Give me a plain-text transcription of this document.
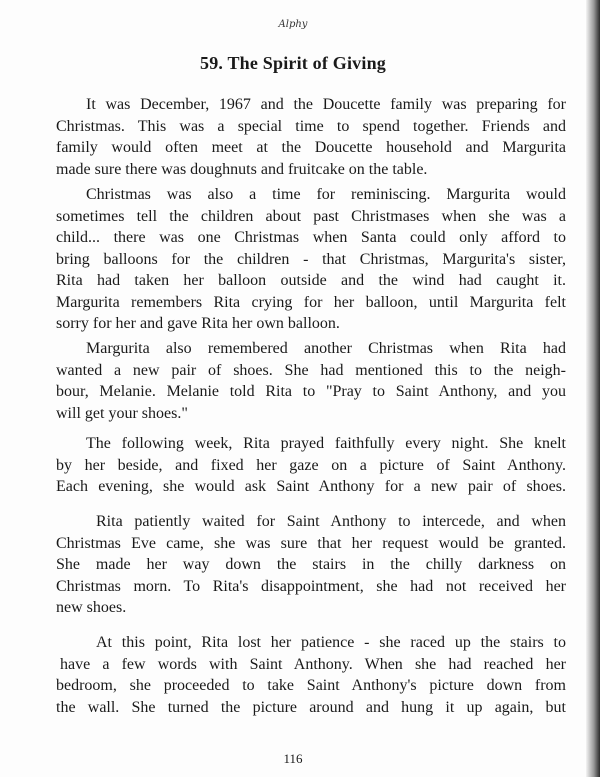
Alphy
59. The Spirit of Giving
It was December, 1967 and the Doucette family was preparing for
Christmas. This was a special time to spend together. Friends and
family would often meet at the Doucette household and Margurita
made sure there was doughnuts and fruitcake on the table.
Christmas was also a time for reminiscing. Margurita would
sometimes tell the children about past Christmases when she was a
child... there was one Christmas when Santa could only afford to
bring balloons for the children - that Christmas, Margurita's sister,
Rita had taken her balloon outside and the wind had caught it.
Margurita remembers Rita crying for her balloon, until Margurita felt
sorry for her and gave Rita her own balloon.
Margurita also remembered another Christmas when Rita had
wanted a new pair of shoes. She had mentioned this to the neigh-
bour, Melanie. Melanie told Rita to "Pray to Saint Anthony, and you
will get your shoes."
The following week, Rita prayed faithfully every night. She knelt
by her beside, and fixed her gaze on a picture of Saint Anthony.
Each evening, she would ask Saint Anthony for a new pair of shoes.
Rita patiently waited for Saint Anthony to intercede, and when
Christmas Eve came, she was sure that her request would be granted.
She made her way down the stairs in the chilly darkness on
Christmas morn. To Rita's disappointment, she had not received her
new shoes.
At this point, Rita lost her patience - she raced up the stairs to
have a few words with Saint Anthony. When she had reached her
bedroom, she proceeded to take Saint Anthony's picture down from
the wall. She turned the picture around and hung it up again, but
116
